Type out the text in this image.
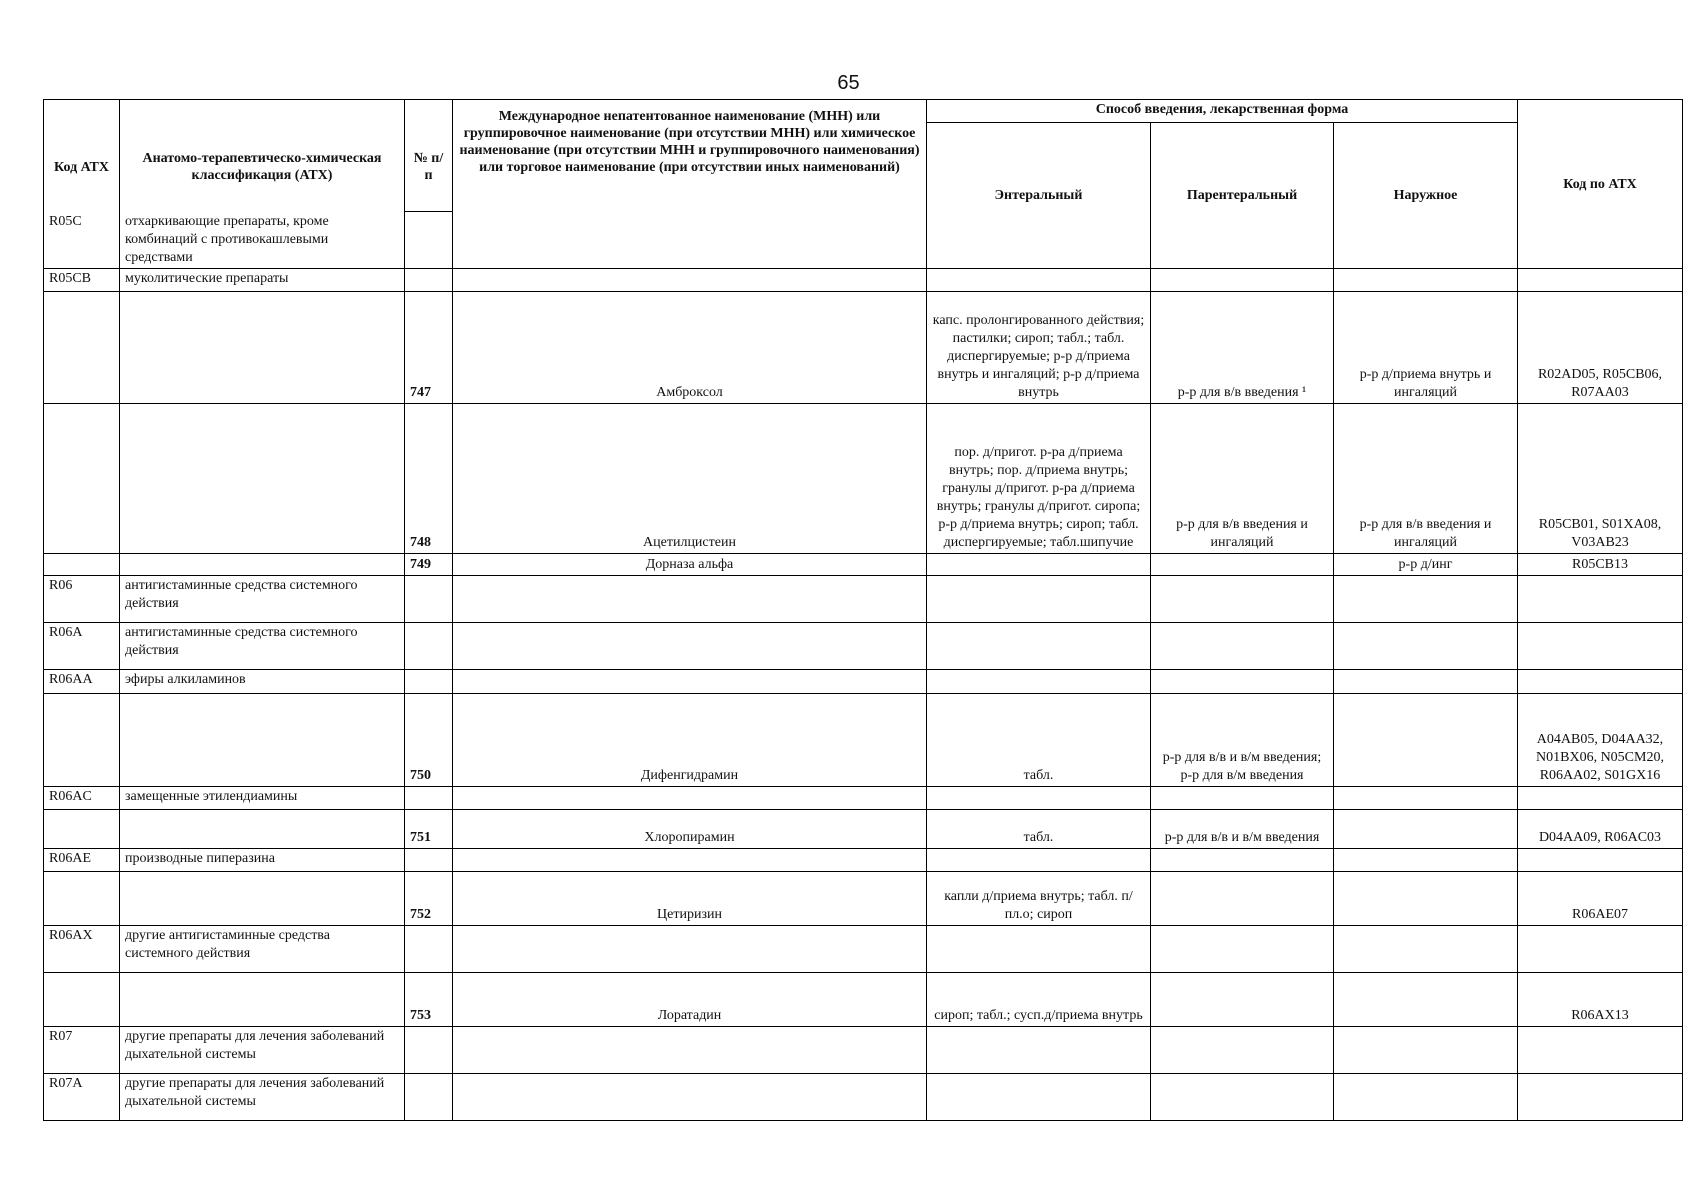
65
			Международное непатентованное наименование (МНН) или группировочное наименование (при отсутствии МНН) или химическое наименование (при отсутствии МНН и группировочного наименования) или торговое наименование (при отсутствии иных наименований)	Способ введения, лекарственная форма			Код по АТХ
Код АТХ	Анатомо-терапевтическо-химическая классификация (АТХ)	№ п/п		Энтеральный	Парентеральный	Наружное	
R05C	отхаркивающие препараты, кроме комбинаций с противокашлевыми средствами						
R05CB	муколитические препараты						
		747	Амброксол	капс. пролонгированного действия; пастилки; сироп; табл.; табл. диспергируемые; р-р д/приема внутрь и ингаляций; р-р д/приема внутрь	р-р для в/в введения ¹	р-р д/приема внутрь и ингаляций	R02AD05, R05CB06, R07AA03
		748	Ацетилцистеин	пор. д/пригот. р-ра д/приема внутрь; пор. д/приема внутрь; гранулы д/пригот. р-ра д/приема внутрь; гранулы д/пригот. сиропа; р-р д/приема внутрь; сироп; табл. диспергируемые; табл.шипучие	р-р для в/в введения и ингаляций	р-р для в/в введения и ингаляций	R05CB01, S01XA08, V03AB23
		749	Дорназа альфа			р-р д/инг	R05CB13
R06	антигистаминные средства системного действия						
R06A	антигистаминные средства системного действия						
R06AA	эфиры алкиламинов						
		750	Дифенгидрамин	табл.	р-р для в/в и в/м введения; р-р для в/м введения		A04AB05, D04AA32, N01BX06, N05CM20, R06AA02, S01GX16
R06AC	замещенные этилендиамины						
		751	Хлоропирамин	табл.	р-р для в/в и в/м введения		D04AA09, R06AC03
R06AE	производные пиперазина						
		752	Цетиризин	капли д/приема внутрь; табл. п/пл.о; сироп			R06AE07
R06AX	другие антигистаминные средства системного действия						
		753	Лоратадин	сироп; табл.; сусп.д/приема внутрь			R06AX13
R07	другие препараты для лечения заболеваний дыхательной системы						
R07A	другие препараты для лечения заболеваний дыхательной системы						
